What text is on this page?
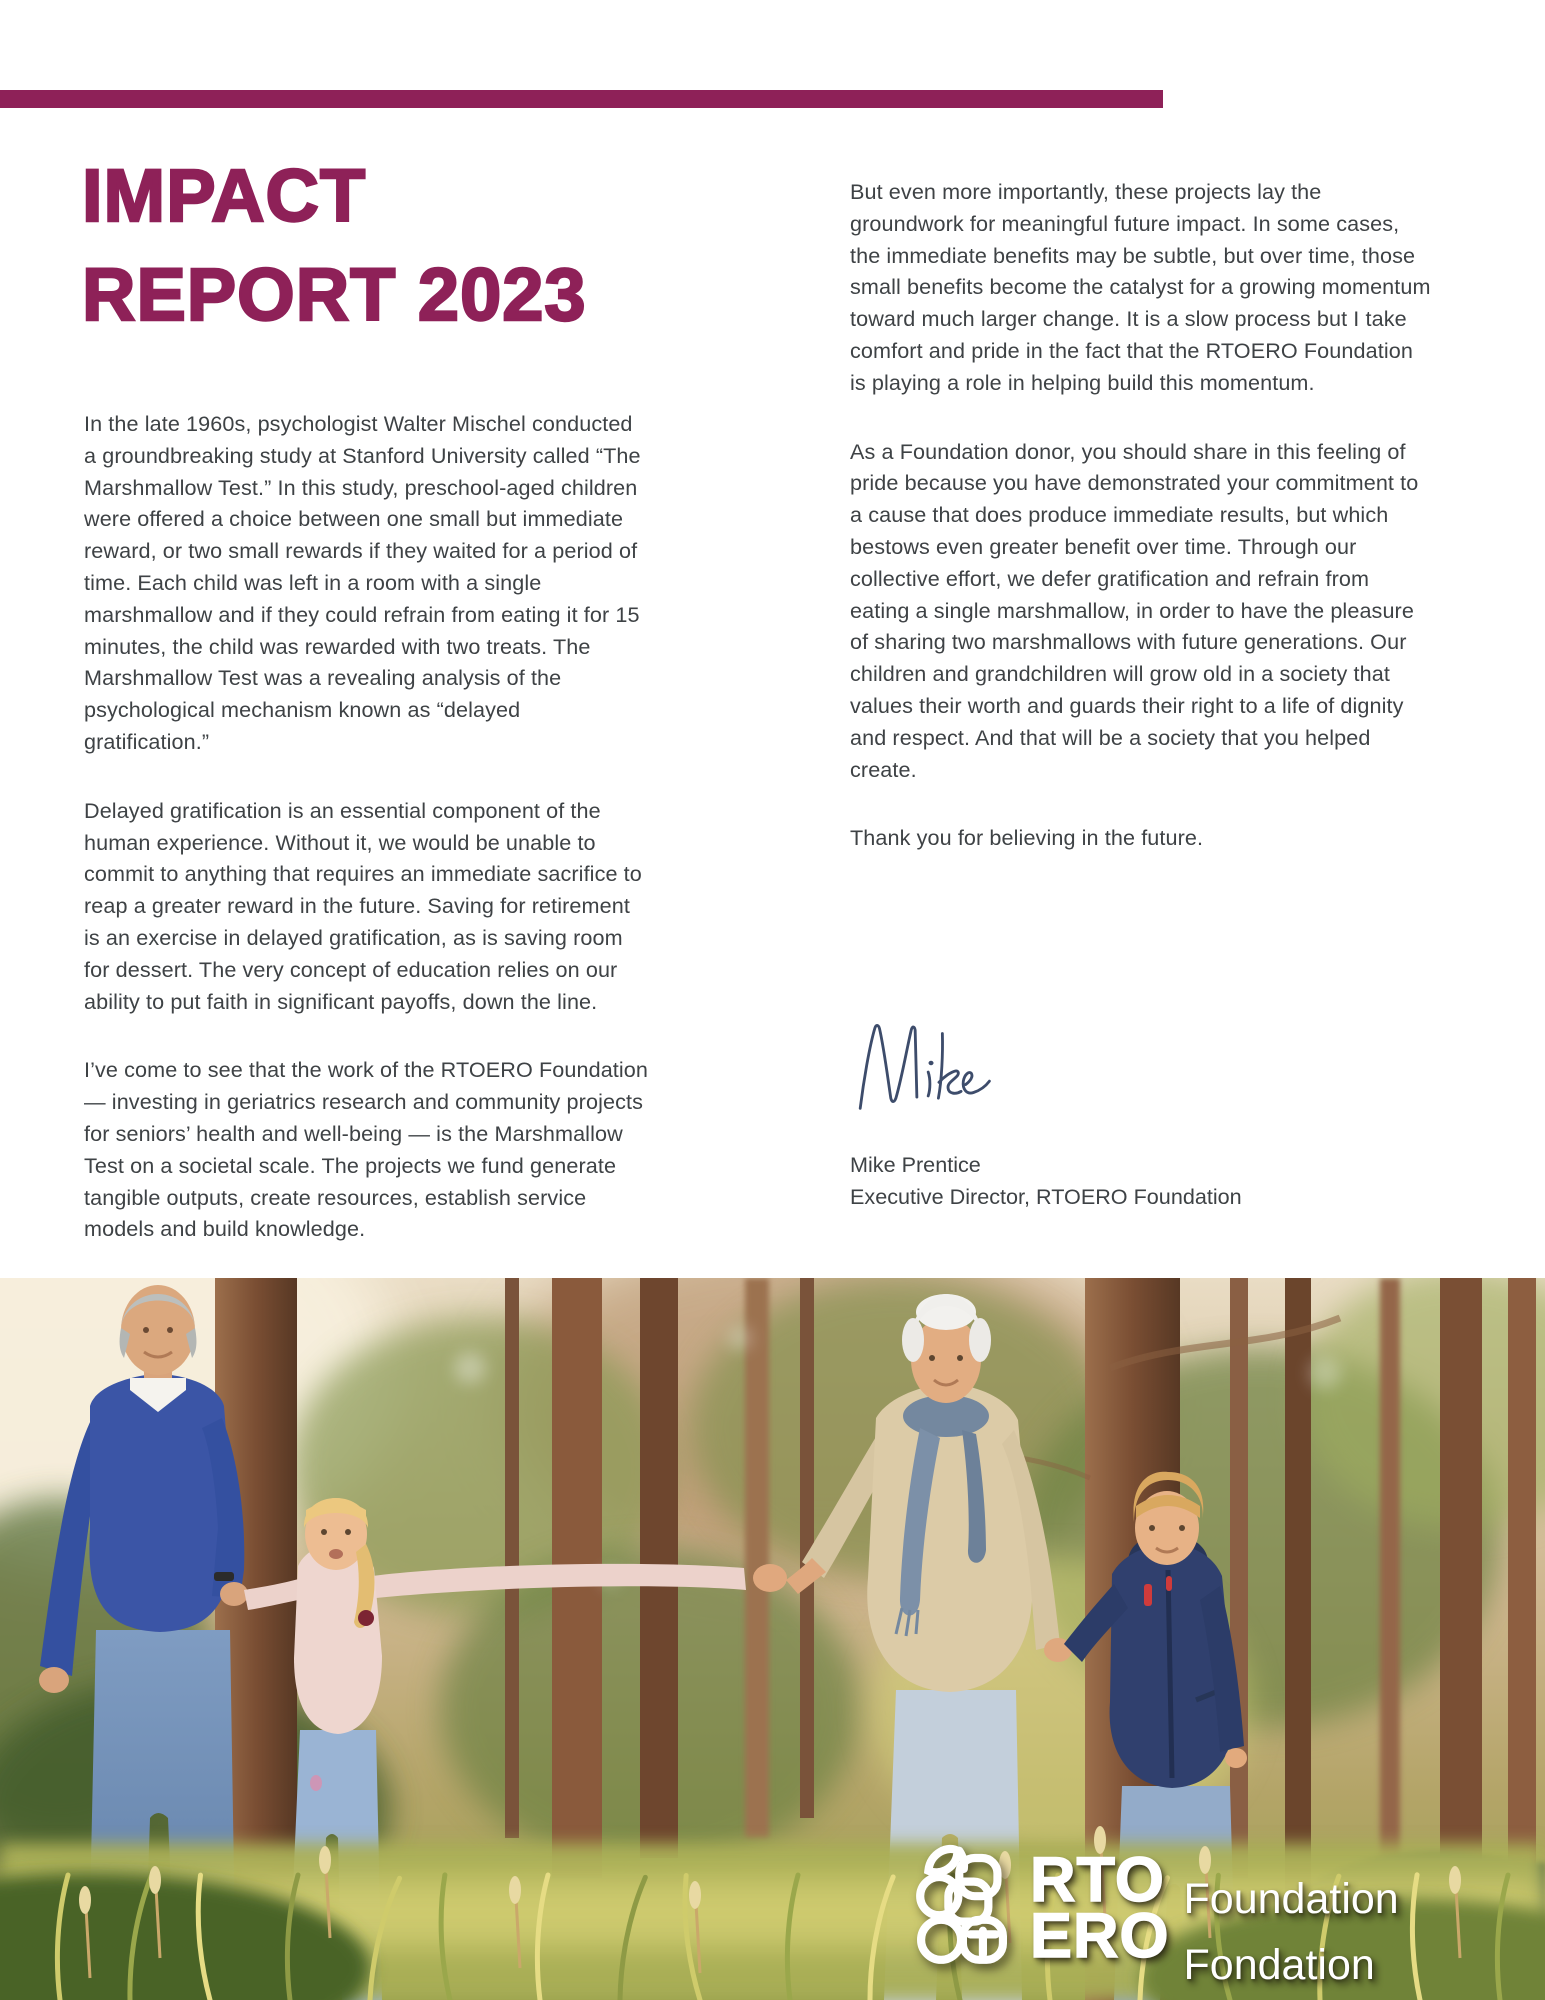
IMPACT
REPORT 2023

In the late 1960s, psychologist Walter Mischel conducted a groundbreaking study at Stanford University called “The Marshmallow Test.” In this study, preschool-aged children were offered a choice between one small but immediate reward, or two small rewards if they waited for a period of time. Each child was left in a room with a single marshmallow and if they could refrain from eating it for 15 minutes, the child was rewarded with two treats. The Marshmallow Test was a revealing analysis of the psychological mechanism known as “delayed gratification.”

Delayed gratification is an essential component of the human experience. Without it, we would be unable to commit to anything that requires an immediate sacrifice to reap a greater reward in the future. Saving for retirement is an exercise in delayed gratification, as is saving room for dessert. The very concept of education relies on our ability to put faith in significant payoffs, down the line.

I’ve come to see that the work of the RTOERO Foundation — investing in geriatrics research and community projects for seniors’ health and well-being — is the Marshmallow Test on a societal scale. The projects we fund generate tangible outputs, create resources, establish service models and build knowledge.

But even more importantly, these projects lay the groundwork for meaningful future impact. In some cases, the immediate benefits may be subtle, but over time, those small benefits become the catalyst for a growing momentum toward much larger change. It is a slow process but I take comfort and pride in the fact that the RTOERO Foundation is playing a role in helping build this momentum.

As a Foundation donor, you should share in this feeling of pride because you have demonstrated your commitment to a cause that does produce immediate results, but which bestows even greater benefit over time. Through our collective effort, we defer gratification and refrain from eating a single marshmallow, in order to have the pleasure of sharing two marshmallows with future generations. Our children and grandchildren will grow old in a society that values their worth and guards their right to a life of dignity and respect. And that will be a society that you helped create.

Thank you for believing in the future.

Mike Prentice
Executive Director, RTOERO Foundation
RTO
ERO
Foundation
Fondation
